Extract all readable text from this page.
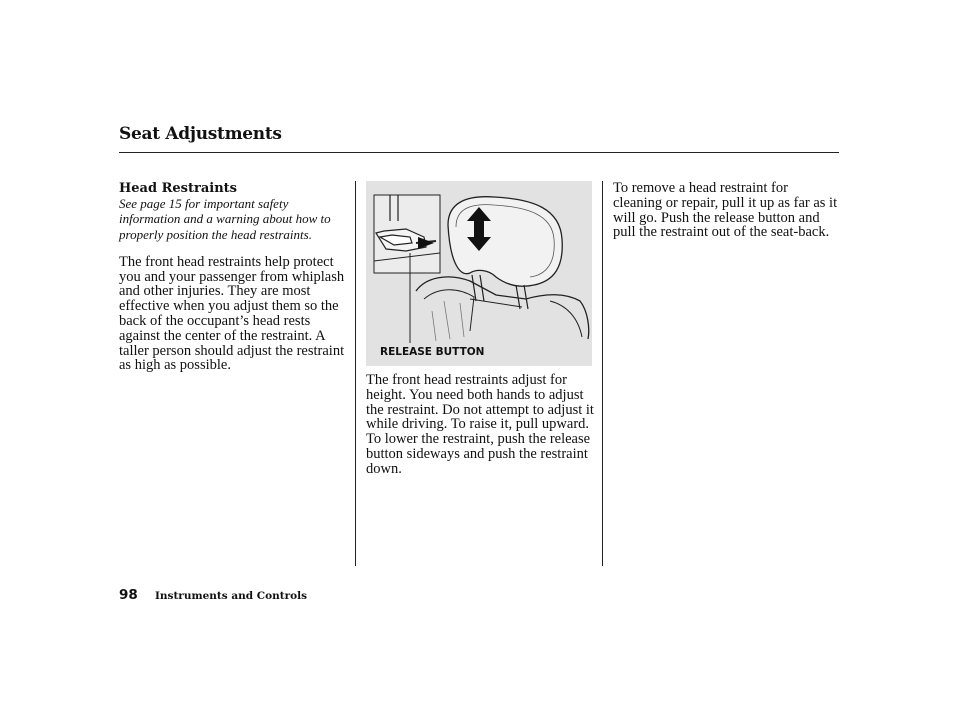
Seat Adjustments
Head Restraints
See page 15 for important safety information and a warning about how to properly position the head restraints.
The front head restraints help protect you and your passenger from whiplash and other injuries. They are most effective when you adjust them so the back of the occupant’s head rests against the center of the restraint. A taller person should adjust the restraint as high as possible.
RELEASE BUTTON
The front head restraints adjust for height. You need both hands to adjust the restraint. Do not attempt to adjust it while driving. To raise it, pull upward. To lower the restraint, push the release button sideways and push the restraint down.
To remove a head restraint for cleaning or repair, pull it up as far as it will go. Push the release button and pull the restraint out of the seat-back.
98 Instruments and Controls
